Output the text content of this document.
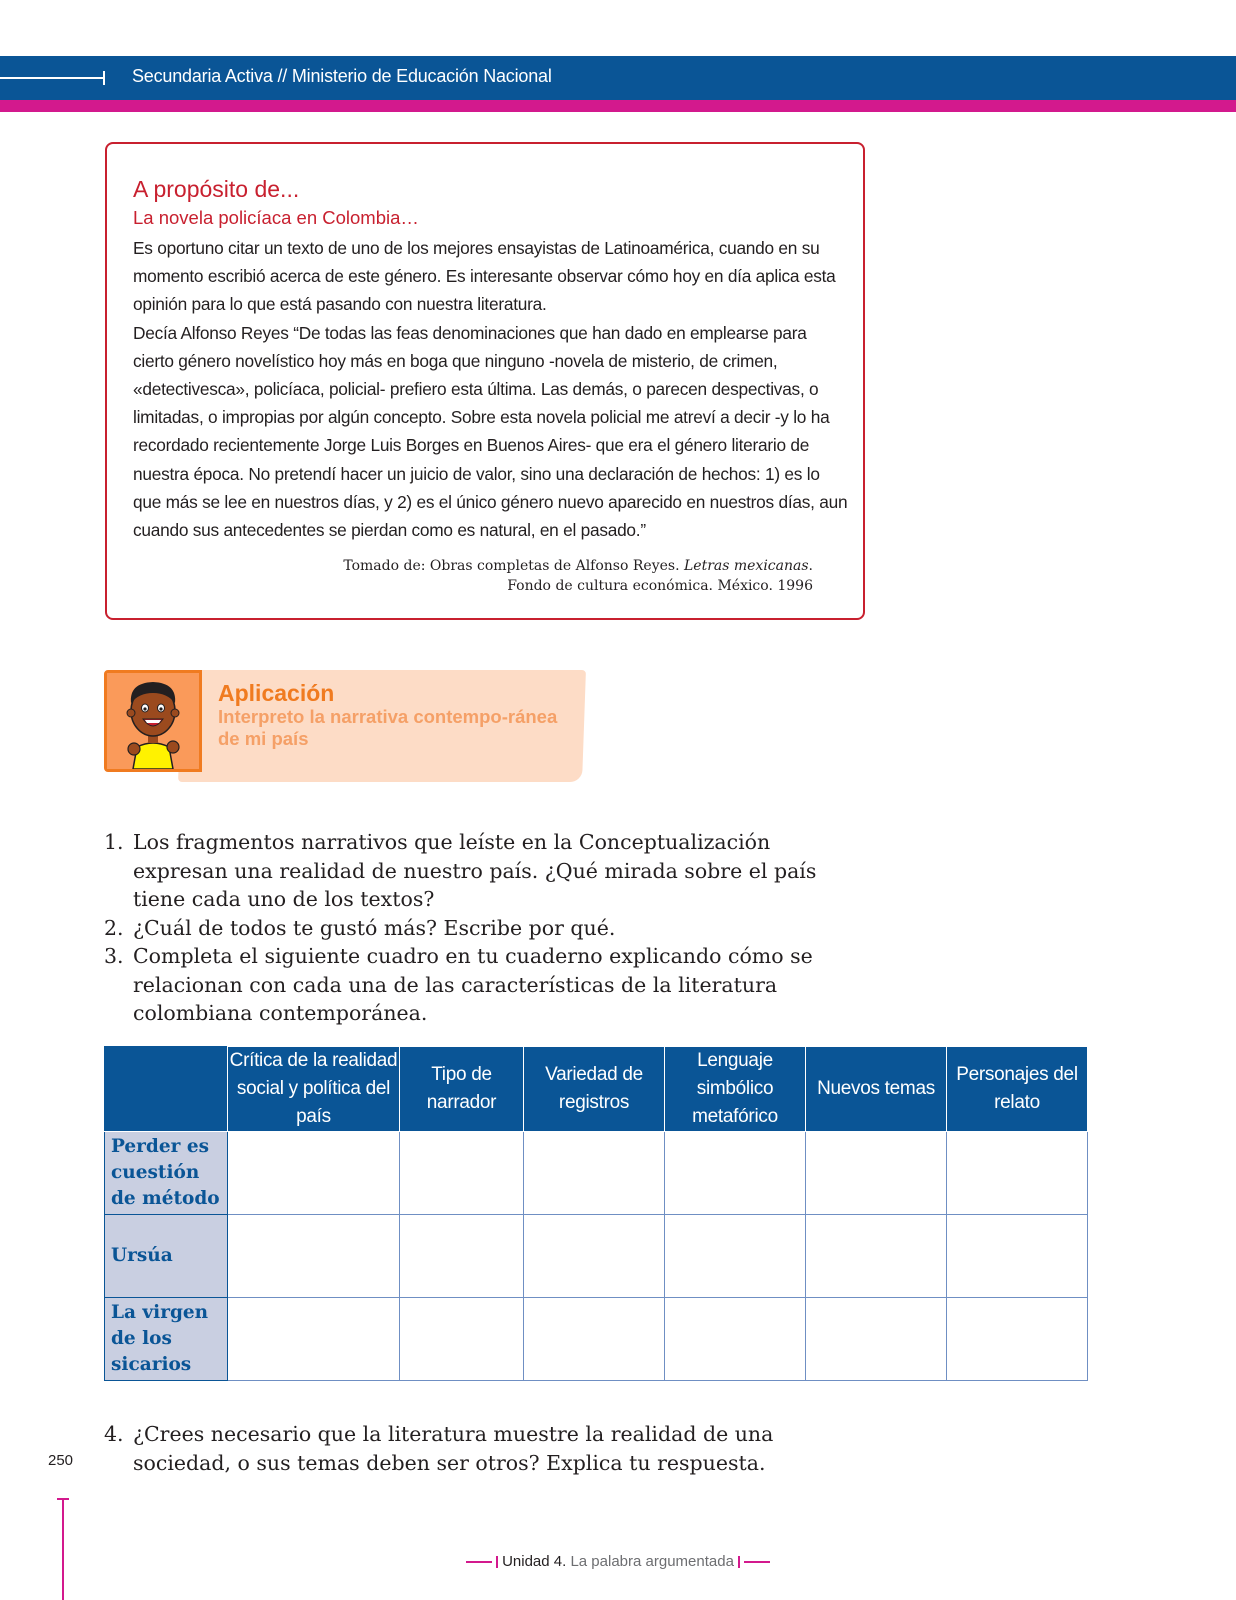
Secundaria Activa // Ministerio de Educación Nacional
A propósito de...
La novela policíaca en Colombia…

Es oportuno citar un texto de uno de los mejores ensayistas de Latinoamérica, cuando en su momento escribió acerca de este género. Es interesante observar cómo hoy en día aplica esta opinión para lo que está pasando con nuestra literatura.

Decía Alfonso Reyes “De todas las feas denominaciones que han dado en emplearse para cierto género novelístico hoy más en boga que ninguno -novela de misterio, de crimen, «detectivesca», policíaca, policial- prefiero esta última. Las demás, o parecen despectivas, o limitadas, o impropias por algún concepto. Sobre esta novela policial me atreví a decir -y lo ha recordado recientemente Jorge Luis Borges en Buenos Aires- que era el género literario de nuestra época. No pretendí hacer un juicio de valor, sino una declaración de hechos: 1) es lo que más se lee en nuestros días, y 2) es el único género nuevo aparecido en nuestros días, aun cuando sus antecedentes se pierdan como es natural, en el pasado.”

Tomado de: Obras completas de Alfonso Reyes. Letras mexicanas.
Fondo de cultura económica. México. 1996
Aplicación
Interpreto la narrativa contempo-ránea de mi país

1. Los fragmentos narrativos que leíste en la Conceptualización expresan una realidad de nuestro país. ¿Qué mirada sobre el país tiene cada uno de los textos?

2. ¿Cuál de todos te gustó más? Escribe por qué.

3. Completa el siguiente cuadro en tu cuaderno explicando cómo se relacionan con cada una de las características de la literatura colombiana contemporánea.

	Crítica de la realidad social y política del país	Tipo de narrador	Variedad de registros	Lenguaje simbólico metafórico	Nuevos temas	Personajes del relato
Perder es cuestión de método						
Ursúa						
La virgen de los sicarios						

4. ¿Crees necesario que la literatura muestre la realidad de una sociedad, o sus temas deben ser otros? Explica tu respuesta.

250
Unidad 4. La palabra argumentada
